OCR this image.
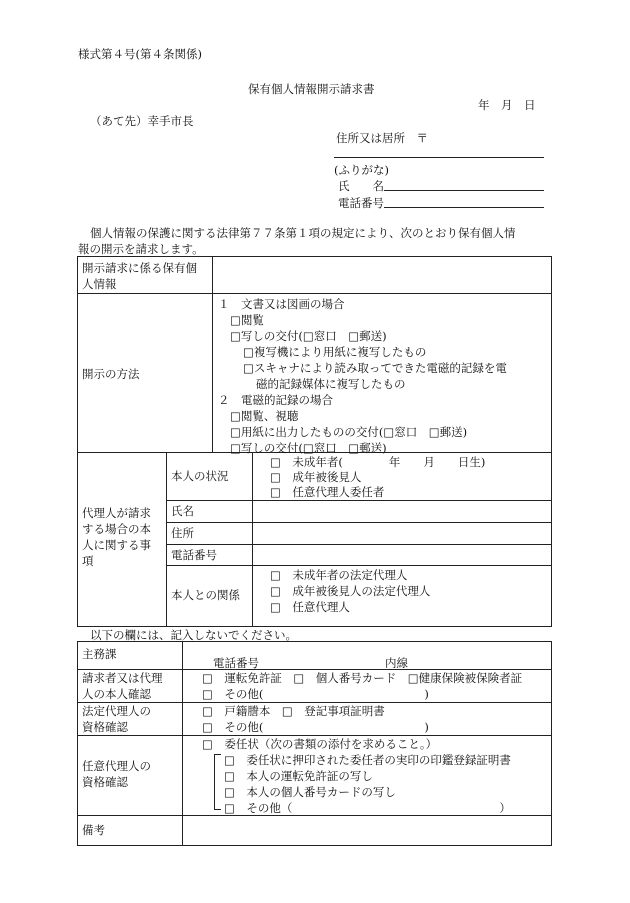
様式第４号(第４条関係)
保有個人情報開示請求書
年　月　日
（あて先）幸手市長
住所又は居所　〒
(ふりがな)
氏　　名
電話番号
個人情報の保護に関する法律第７７条第１項の規定により、次のとおり保有個人情
報の開示を請求します。
開示請求に係る保有個
人情報
開示の方法
１　文書又は図画の場合
□閲覧
□写しの交付(□窓口　□郵送)
□複写機により用紙に複写したもの
□スキャナにより読み取ってできた電磁的記録を電
磁的記録媒体に複写したもの
２　電磁的記録の場合
□閲覧、視聴
□用紙に出力したものの交付(□窓口　□郵送)
□写しの交付(□窓口　□郵送)
代理人が請求
する場合の本
人に関する事
項
本人の状況
□　未成年者(　　　　年　　月　　日生)
□　成年被後見人
□　任意代理人委任者
氏名
住所
電話番号
本人との関係
□　未成年者の法定代理人
□　成年被後見人の法定代理人
□　任意代理人
以下の欄には、記入しないでください。
主務課
電話番号	内線
請求者又は代理
人の本人確認
□　運転免許証　□　個人番号カード　□健康保険被保険者証
□　その他(　　　　　　　　　　　　　　)
法定代理人の
資格確認
□　戸籍謄本　□　登記事項証明書
□　その他(　　　　　　　　　　　　　　)
任意代理人の
資格確認
□　委任状（次の書類の添付を求めること。）
□　委任状に押印された委任者の実印の印鑑登録証明書
□　本人の運転免許証の写し
□　本人の個人番号カードの写し
□　その他（　　　　　　　　　　　　　　　　　　）
備考
